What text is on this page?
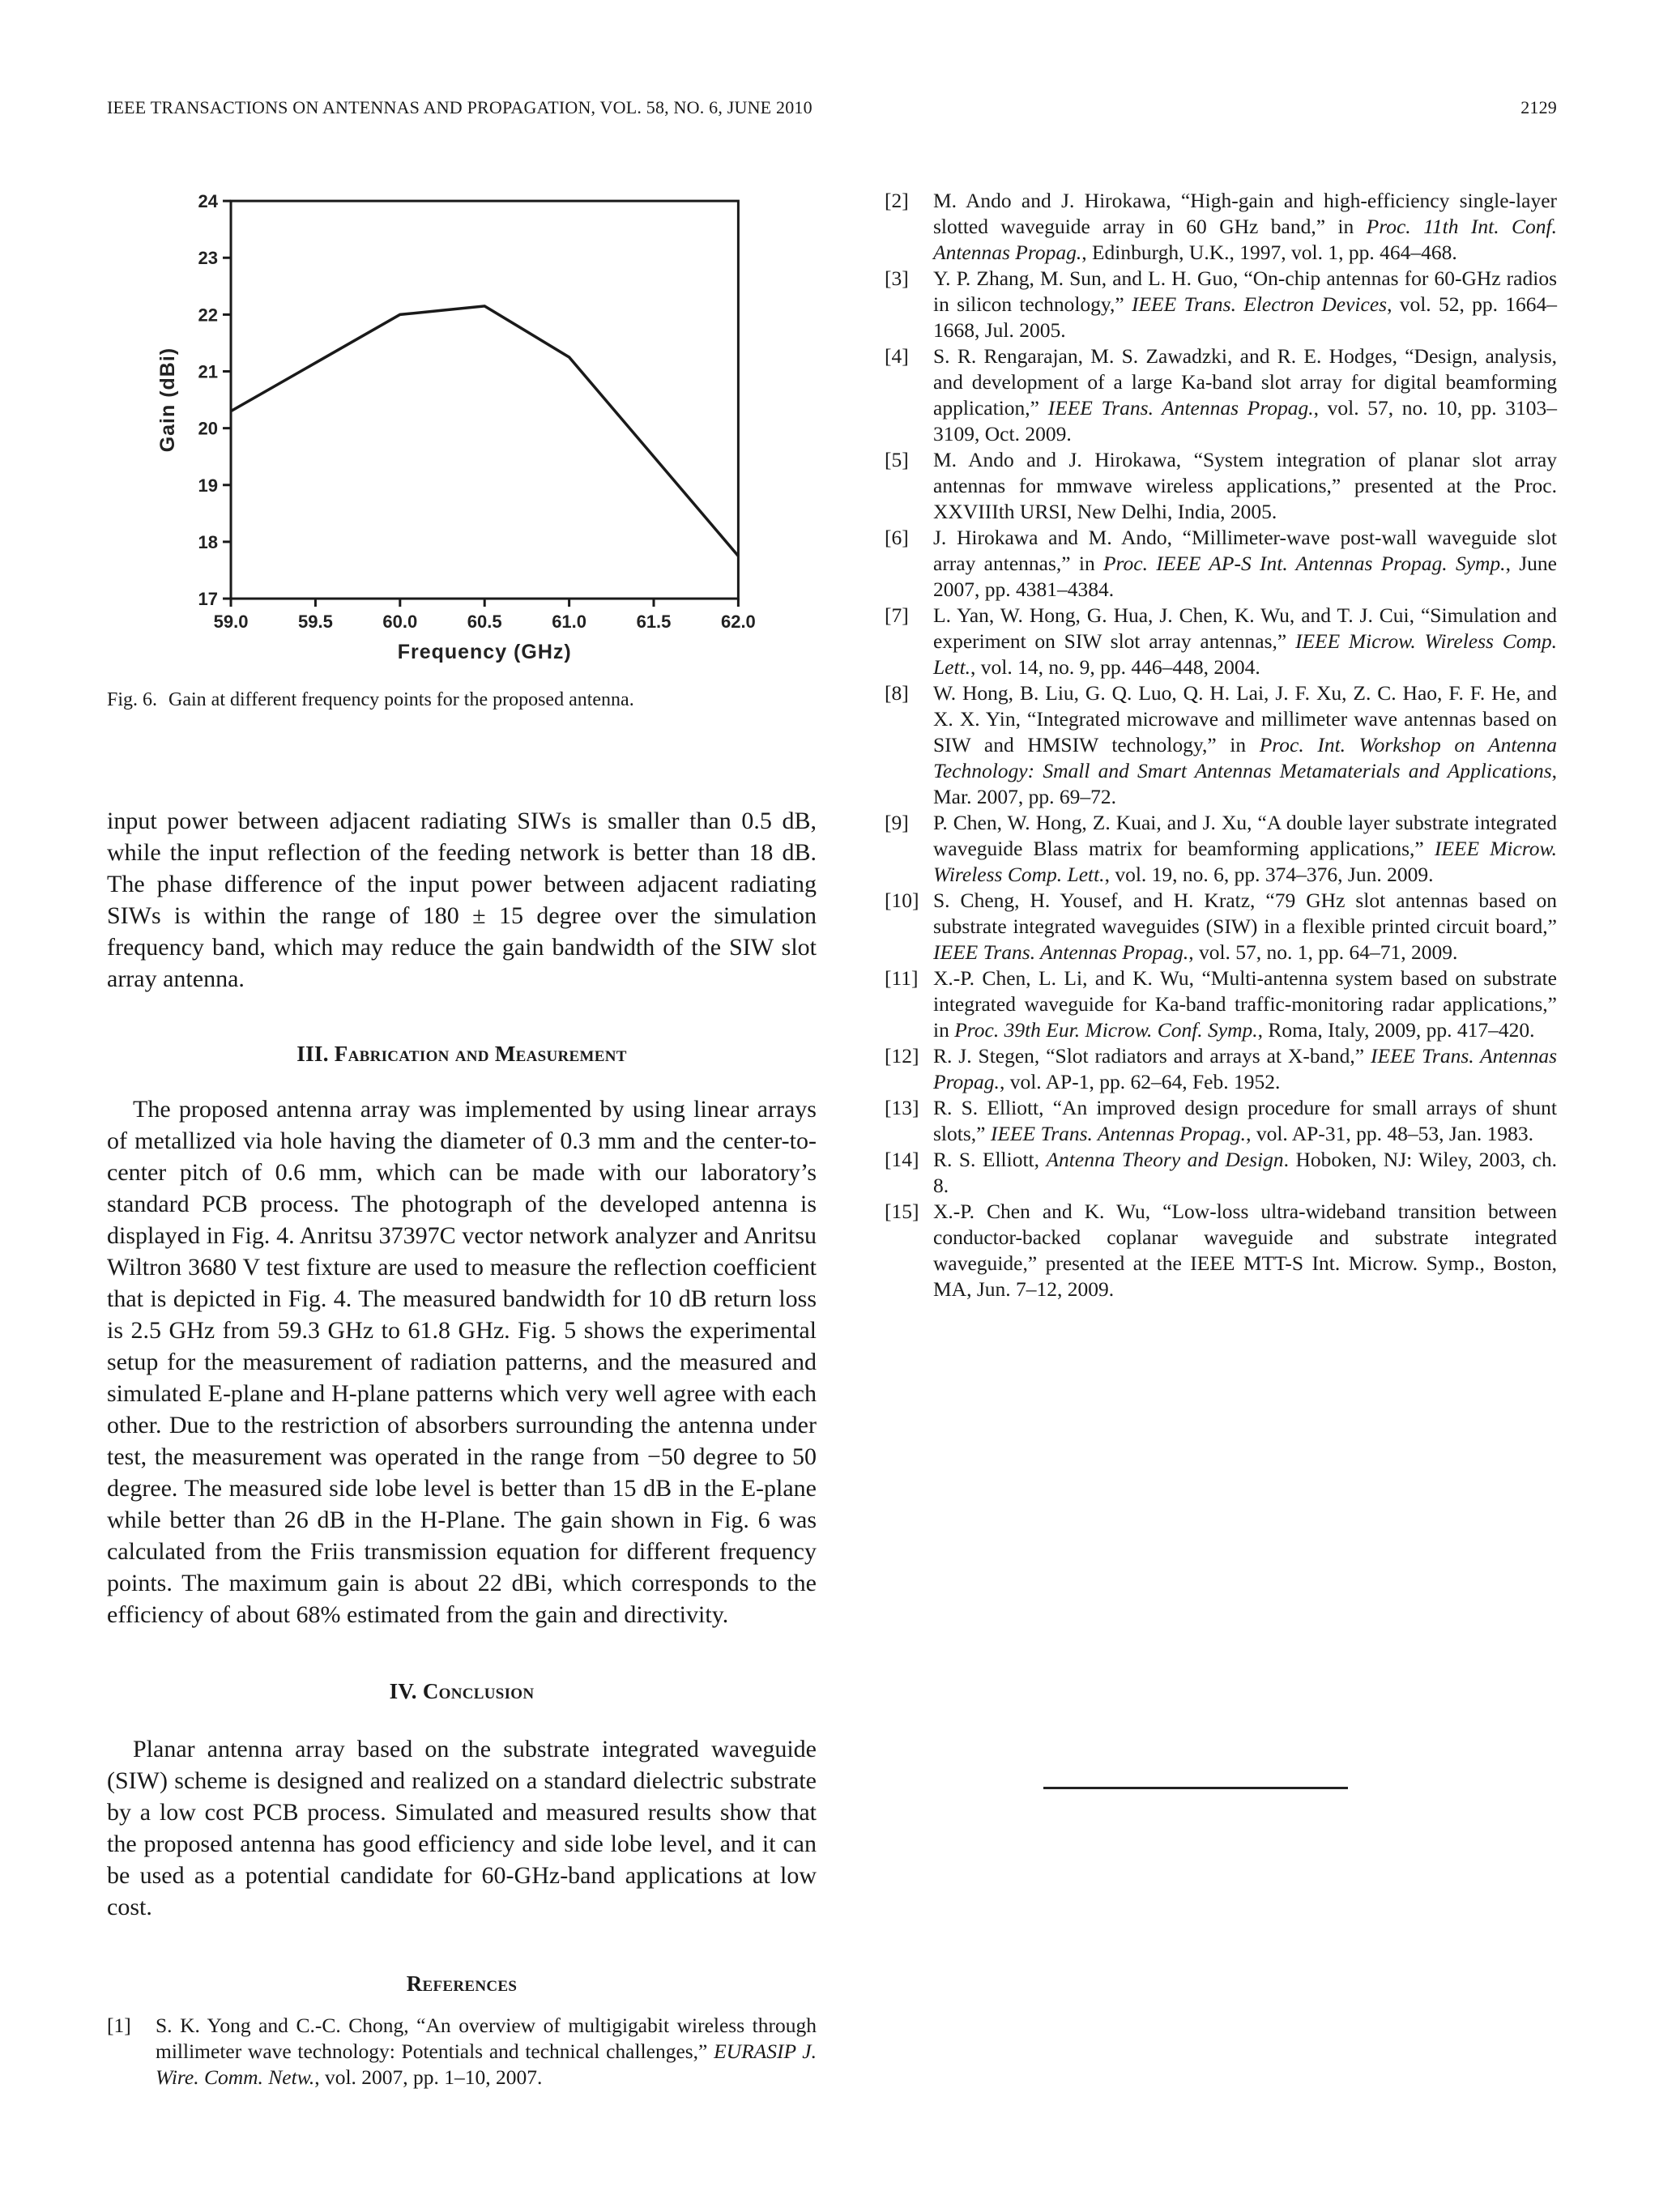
IEEE TRANSACTIONS ON ANTENNAS AND PROPAGATION, VOL. 58, NO. 6, JUNE 2010	2129
17
18
19
20
21
22
23
24
59.0	59.5	60.0	60.5	61.0	61.5	62.0
Frequency (GHz)
Gain (dBi)
Fig. 6. Gain at different frequency points for the proposed antenna.

input power between adjacent radiating SIWs is smaller than 0.5 dB, while the input reflection of the feeding network is better than 18 dB. The phase difference of the input power between adjacent radiating SIWs is within the range of 180 ± 15 degree over the simulation frequency band, which may reduce the gain bandwidth of the SIW slot array antenna.

III. Fabrication and Measurement

The proposed antenna array was implemented by using linear arrays of metallized via hole having the diameter of 0.3 mm and the center-to-center pitch of 0.6 mm, which can be made with our laboratory’s standard PCB process. The photograph of the developed antenna is displayed in Fig. 4. Anritsu 37397C vector network analyzer and Anritsu Wiltron 3680 V test fixture are used to measure the reflection coefficient that is depicted in Fig. 4. The measured bandwidth for 10 dB return loss is 2.5 GHz from 59.3 GHz to 61.8 GHz. Fig. 5 shows the experimental setup for the measurement of radiation patterns, and the measured and simulated E-plane and H-plane patterns which very well agree with each other. Due to the restriction of absorbers surrounding the antenna under test, the measurement was operated in the range from −50 degree to 50 degree. The measured side lobe level is better than 15 dB in the E-plane while better than 26 dB in the H-Plane. The gain shown in Fig. 6 was calculated from the Friis transmission equation for different frequency points. The maximum gain is about 22 dBi, which corresponds to the efficiency of about 68% estimated from the gain and directivity.

IV. Conclusion

Planar antenna array based on the substrate integrated waveguide (SIW) scheme is designed and realized on a standard dielectric substrate by a low cost PCB process. Simulated and measured results show that the proposed antenna has good efficiency and side lobe level, and it can be used as a potential candidate for 60-GHz-band applications at low cost.

References
[1]	S. K. Yong and C.-C. Chong, “An overview of multigigabit wireless through millimeter wave technology: Potentials and technical challenges,” EURASIP J. Wire. Comm. Netw., vol. 2007, pp. 1–10, 2007.
[2]	M. Ando and J. Hirokawa, “High-gain and high-efficiency single-layer slotted waveguide array in 60 GHz band,” in Proc. 11th Int. Conf. Antennas Propag., Edinburgh, U.K., 1997, vol. 1, pp. 464–468.
[3]	Y. P. Zhang, M. Sun, and L. H. Guo, “On-chip antennas for 60-GHz radios in silicon technology,” IEEE Trans. Electron Devices, vol. 52, pp. 1664–1668, Jul. 2005.
[4]	S. R. Rengarajan, M. S. Zawadzki, and R. E. Hodges, “Design, analysis, and development of a large Ka-band slot array for digital beamforming application,” IEEE Trans. Antennas Propag., vol. 57, no. 10, pp. 3103–3109, Oct. 2009.
[5]	M. Ando and J. Hirokawa, “System integration of planar slot array antennas for mmwave wireless applications,” presented at the Proc. XXVIIIth URSI, New Delhi, India, 2005.
[6]	J. Hirokawa and M. Ando, “Millimeter-wave post-wall waveguide slot array antennas,” in Proc. IEEE AP-S Int. Antennas Propag. Symp., June 2007, pp. 4381–4384.
[7]	L. Yan, W. Hong, G. Hua, J. Chen, K. Wu, and T. J. Cui, “Simulation and experiment on SIW slot array antennas,” IEEE Microw. Wireless Comp. Lett., vol. 14, no. 9, pp. 446–448, 2004.
[8]	W. Hong, B. Liu, G. Q. Luo, Q. H. Lai, J. F. Xu, Z. C. Hao, F. F. He, and X. X. Yin, “Integrated microwave and millimeter wave antennas based on SIW and HMSIW technology,” in Proc. Int. Workshop on Antenna Technology: Small and Smart Antennas Metamaterials and Applications, Mar. 2007, pp. 69–72.
[9]	P. Chen, W. Hong, Z. Kuai, and J. Xu, “A double layer substrate integrated waveguide Blass matrix for beamforming applications,” IEEE Microw. Wireless Comp. Lett., vol. 19, no. 6, pp. 374–376, Jun. 2009.
[10] S. Cheng, H. Yousef, and H. Kratz, “79 GHz slot antennas based on substrate integrated waveguides (SIW) in a flexible printed circuit board,” IEEE Trans. Antennas Propag., vol. 57, no. 1, pp. 64–71, 2009.
[11] X.-P. Chen, L. Li, and K. Wu, “Multi-antenna system based on substrate integrated waveguide for Ka-band traffic-monitoring radar applications,” in Proc. 39th Eur. Microw. Conf. Symp., Roma, Italy, 2009, pp. 417–420.
[12] R. J. Stegen, “Slot radiators and arrays at X-band,” IEEE Trans. Antennas Propag., vol. AP-1, pp. 62–64, Feb. 1952.
[13] R. S. Elliott, “An improved design procedure for small arrays of shunt slots,” IEEE Trans. Antennas Propag., vol. AP-31, pp. 48–53, Jan. 1983.
[14] R. S. Elliott, Antenna Theory and Design. Hoboken, NJ: Wiley, 2003, ch. 8.
[15] X.-P. Chen and K. Wu, “Low-loss ultra-wideband transition between conductor-backed coplanar waveguide and substrate integrated waveguide,” presented at the IEEE MTT-S Int. Microw. Symp., Boston, MA, Jun. 7–12, 2009.
